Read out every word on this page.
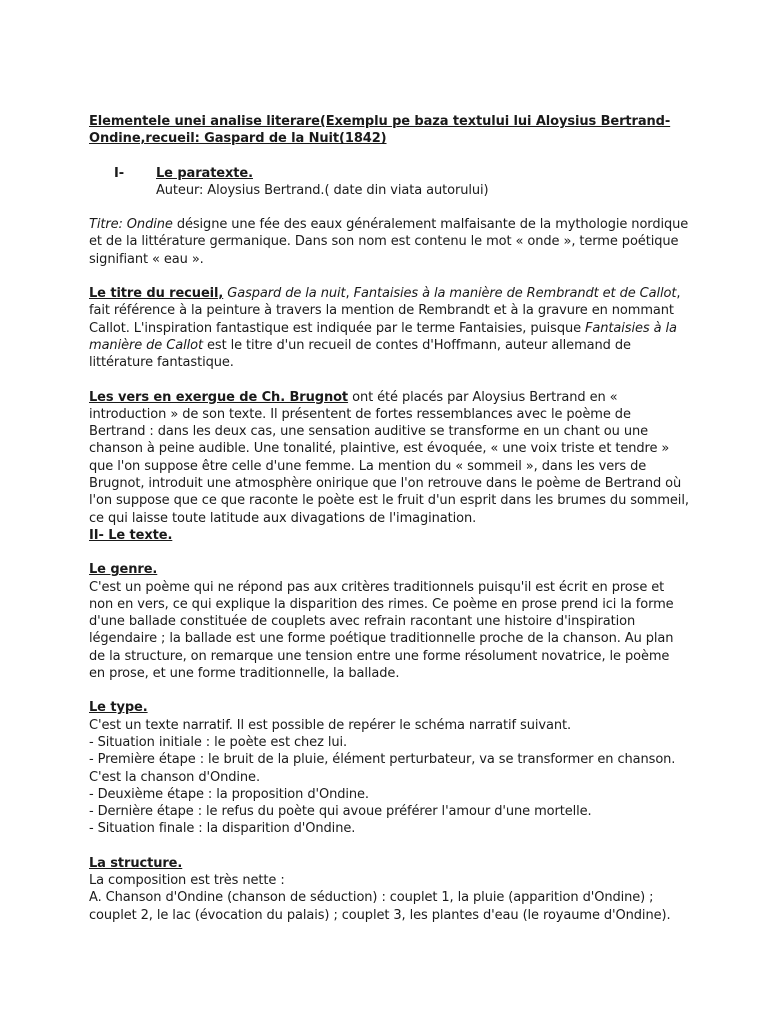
Elementele unei analise literare(Exemplu pe baza textului lui Aloysius Bertrand-Ondine,recueil: Gaspard de la Nuit(1842)

I-	Le paratexte.

Auteur: Aloysius Bertrand.( date din viata autorului)

Titre: Ondine désigne une fée des eaux généralement malfaisante de la mythologie nordique et de la littérature germanique. Dans son nom est contenu le mot « onde », terme poétique signifiant « eau ».

Le titre du recueil, Gaspard de la nuit, Fantaisies à la manière de Rembrandt et de Callot, fait référence à la peinture à travers la mention de Rembrandt et à la gravure en nommant Callot. L'inspiration fantastique est indiquée par le terme Fantaisies, puisque Fantaisies à la manière de Callot est le titre d'un recueil de contes d'Hoffmann, auteur allemand de littérature fantastique.

Les vers en exergue de Ch. Brugnot ont été placés par Aloysius Bertrand en « introduction » de son texte. Il présentent de fortes ressemblances avec le poème de Bertrand : dans les deux cas, une sensation auditive se transforme en un chant ou une chanson à peine audible. Une tonalité, plaintive, est évoquée, « une voix triste et tendre » que l'on suppose être celle d'une femme. La mention du « sommeil », dans les vers de Brugnot, introduit une atmosphère onirique que l'on retrouve dans le poème de Bertrand où l'on suppose que ce que raconte le poète est le fruit d'un esprit dans les brumes du sommeil, ce qui laisse toute latitude aux divagations de l'imagination.

II- Le texte.

Le genre.

C'est un poème qui ne répond pas aux critères traditionnels puisqu'il est écrit en prose et non en vers, ce qui explique la disparition des rimes. Ce poème en prose prend ici la forme d'une ballade constituée de couplets avec refrain racontant une histoire d'inspiration légendaire ; la ballade est une forme poétique traditionnelle proche de la chanson. Au plan de la structure, on remarque une tension entre une forme résolument novatrice, le poème en prose, et une forme traditionnelle, la ballade.

Le type.

C'est un texte narratif. Il est possible de repérer le schéma narratif suivant.

- Situation initiale : le poète est chez lui.

- Première étape : le bruit de la pluie, élément perturbateur, va se transformer en chanson. C'est la chanson d'Ondine.

- Deuxième étape : la proposition d'Ondine.

- Dernière étape : le refus du poète qui avoue préférer l'amour d'une mortelle.

- Situation finale : la disparition d'Ondine.

La structure.

La composition est très nette :

A. Chanson d'Ondine (chanson de séduction) : couplet 1, la pluie (apparition d'Ondine) ; couplet 2, le lac (évocation du palais) ; couplet 3, les plantes d'eau (le royaume d'Ondine).
